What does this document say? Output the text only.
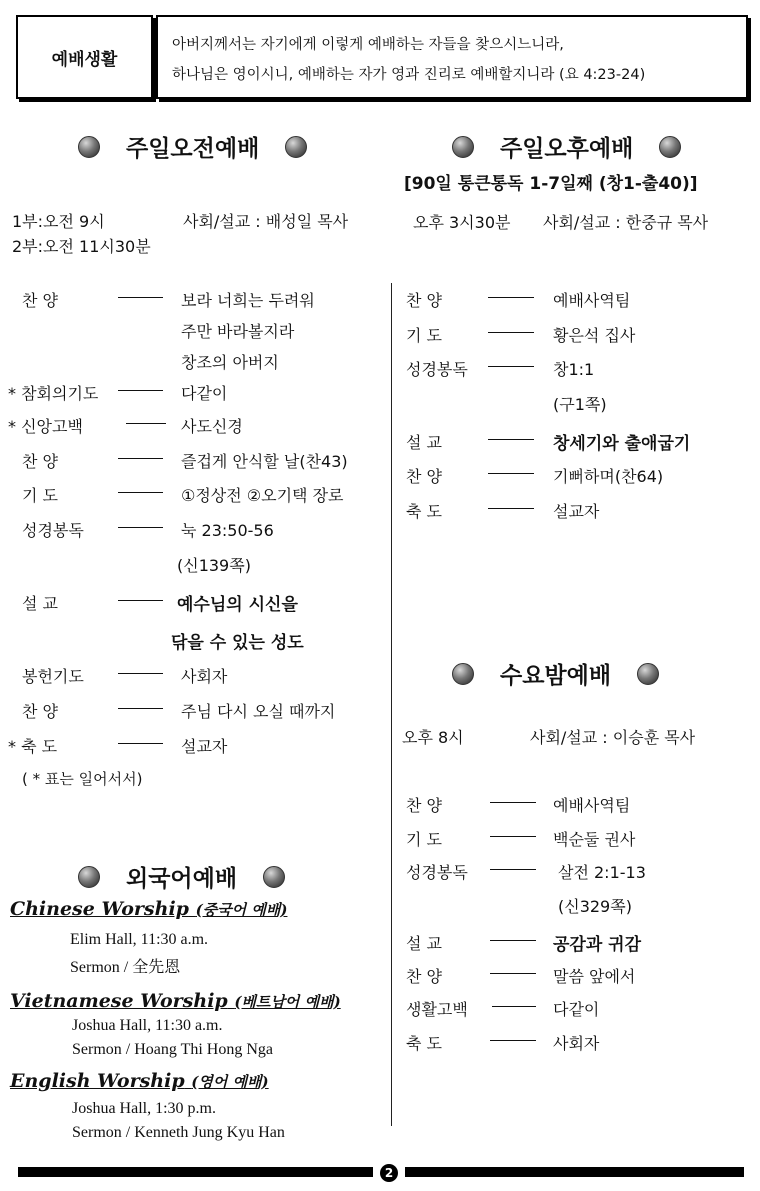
예배생활
아버지께서는 자기에게 이렇게 예배하는 자들을 찾으시느니라,
하나님은 영이시니, 예배하는 자가 영과 진리로 예배할지니라 (요 4:23-24)
주일오전예배
1부:오전 9시
2부:오전 11시30분
사회/설교 : 배성일 목사
찬 양	보라 너희는 두려워
주만 바라볼지라
창조의 아버지
* 참회의기도	다같이
* 신앙고백	사도신경
찬 양	즐겁게 안식할 날(찬43)
기 도	①정상전 ②오기택 장로
성경봉독	눅 23:50-56
(신139쪽)
설 교	예수님의 시신을
닦을 수 있는 성도
봉헌기도	사회자
찬 양	주님 다시 오실 때까지
* 축 도	설교자
( * 표는 일어서서)
외국어예배
Chinese Worship (중국어 예배)
Elim Hall, 11:30 a.m.
Sermon / 全先恩
Vietnamese Worship (베트남어 예배)
Joshua Hall, 11:30 a.m.
Sermon / Hoang Thi Hong Nga
English Worship (영어 예배)
Joshua Hall, 1:30 p.m.
Sermon / Kenneth Jung Kyu Han
주일오후예배
[90일 통큰통독 1-7일째 (창1-출40)]
오후 3시30분 사회/설교 : 한중규 목사
찬 양	예배사역팀
기 도	황은석 집사
성경봉독	창1:1
(구1쪽)
설 교	창세기와 출애굽기
찬 양	기뻐하며(찬64)
축 도	설교자
수요밤예배
오후 8시	사회/설교 : 이승훈 목사
찬 양	예배사역팀
기 도	백순둘 권사
성경봉독	살전 2:1-13
(신329쪽)
설 교	공감과 귀감
찬 양	말씀 앞에서
생활고백	다같이
축 도	사회자
2
